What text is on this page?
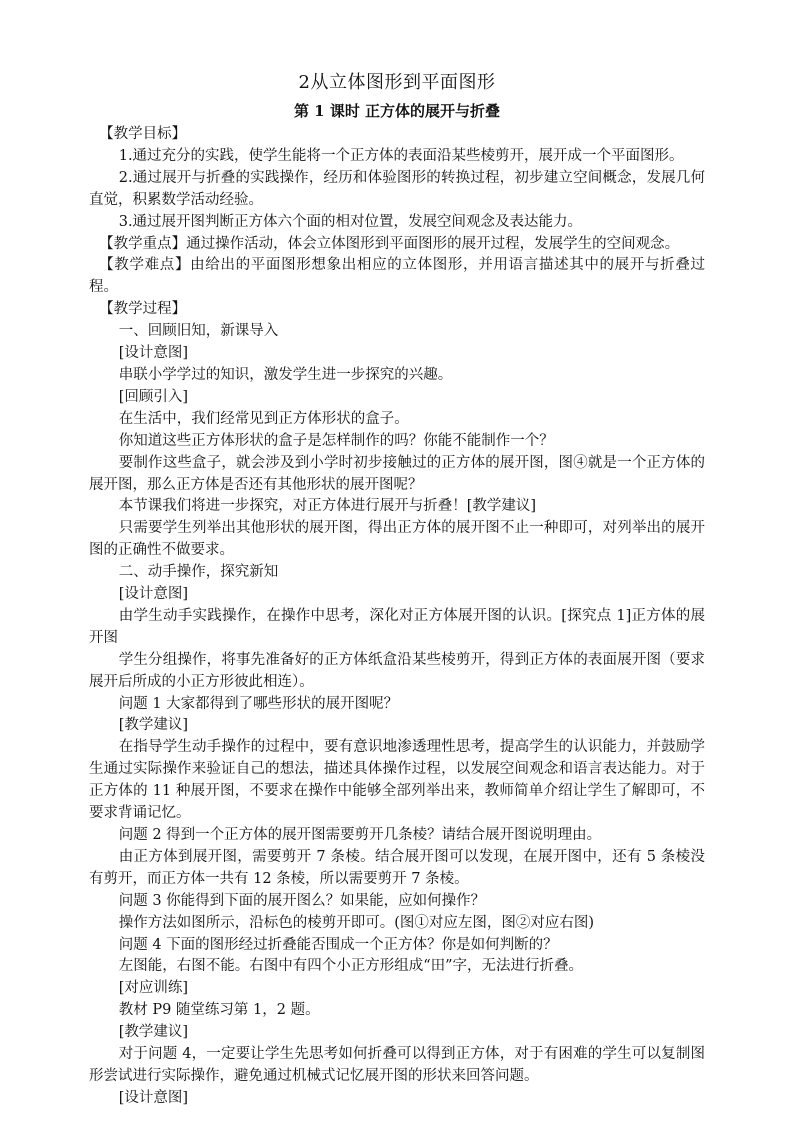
2从立体图形到平面图形
第 1 课时 正方体的展开与折叠

【教学目标】

1.通过充分的实践，使学生能将一个正方体的表面沿某些棱剪开，展开成一个平面图形。

2.通过展开与折叠的实践操作，经历和体验图形的转换过程，初步建立空间概念，发展几何直觉，积累数学活动经验。

3.通过展开图判断正方体六个面的相对位置，发展空间观念及表达能力。

【教学重点】通过操作活动，体会立体图形到平面图形的展开过程，发展学生的空间观念。

【教学难点】由给出的平面图形想象出相应的立体图形，并用语言描述其中的展开与折叠过程。

【教学过程】

一、回顾旧知，新课导入

[设计意图]

串联小学学过的知识，激发学生进一步探究的兴趣。

[回顾引入]

在生活中，我们经常见到正方体形状的盒子。

你知道这些正方体形状的盒子是怎样制作的吗？你能不能制作一个？

要制作这些盒子，就会涉及到小学时初步接触过的正方体的展开图，图④就是一个正方体的展开图，那么正方体是否还有其他形状的展开图呢？

本节课我们将进一步探究，对正方体进行展开与折叠！[教学建议]

只需要学生列举出其他形状的展开图，得出正方体的展开图不止一种即可，对列举出的展开图的正确性不做要求。

二、动手操作，探究新知

[设计意图]

由学生动手实践操作，在操作中思考，深化对正方体展开图的认识。[探究点 1]正方体的展开图

学生分组操作，将事先准备好的正方体纸盒沿某些棱剪开，得到正方体的表面展开图（要求展开后所成的小正方形彼此相连）。

问题 1 大家都得到了哪些形状的展开图呢？

[教学建议]

在指导学生动手操作的过程中，要有意识地渗透理性思考，提高学生的认识能力，并鼓励学生通过实际操作来验证自己的想法，描述具体操作过程，以发展空间观念和语言表达能力。对于正方体的 11 种展开图，不要求在操作中能够全部列举出来，教师简单介绍让学生了解即可，不要求背诵记忆。

问题 2 得到一个正方体的展开图需要剪开几条棱？请结合展开图说明理由。

由正方体到展开图，需要剪开 7 条棱。结合展开图可以发现，在展开图中，还有 5 条棱没有剪开，而正方体一共有 12 条棱，所以需要剪开 7 条棱。

问题 3 你能得到下面的展开图么？如果能，应如何操作？

操作方法如图所示，沿标色的棱剪开即可。(图①对应左图，图②对应右图)

问题 4 下面的图形经过折叠能否围成一个正方体？你是如何判断的？

左图能，右图不能。右图中有四个小正方形组成“田”字，无法进行折叠。

[对应训练]

教材 P9 随堂练习第 1，2 题。

[教学建议]

对于问题 4，一定要让学生先思考如何折叠可以得到正方体，对于有困难的学生可以复制图形尝试进行实际操作，避免通过机械式记忆展开图的形状来回答问题。

[设计意图]
